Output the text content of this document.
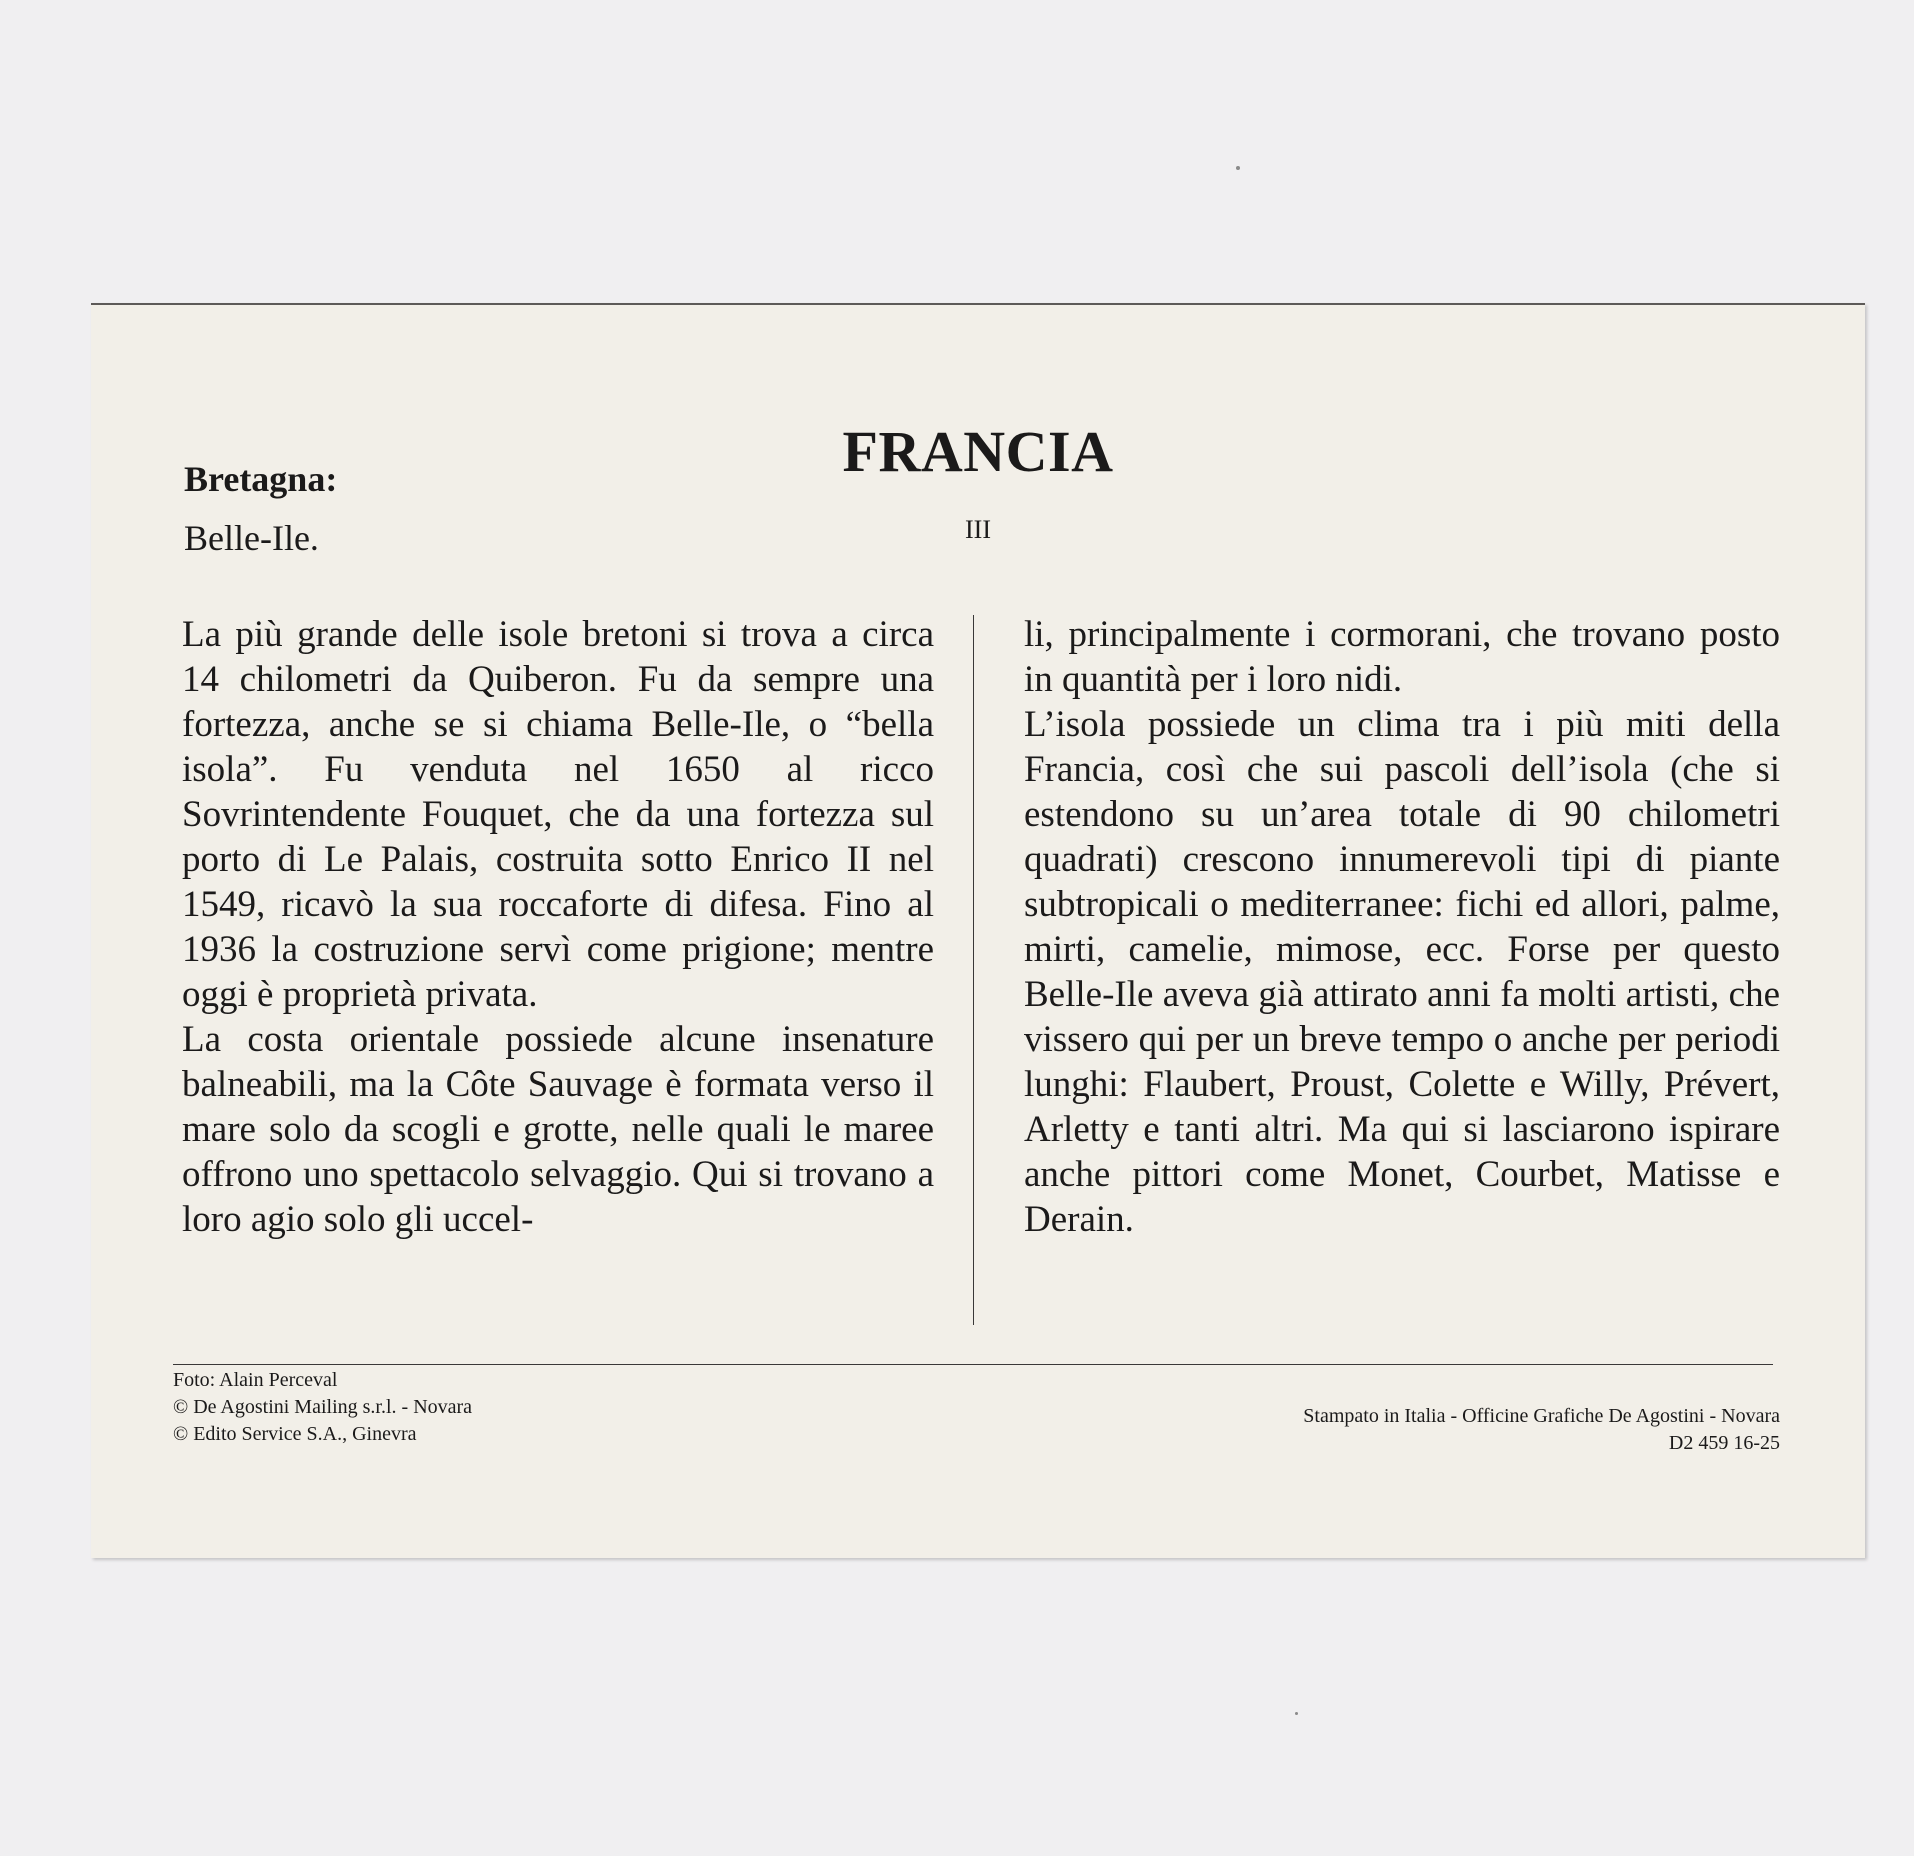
FRANCIA
III
Bretagna:
Belle-Ile.
La più grande delle isole bretoni si trova a circa 14 chilometri da Quiberon. Fu da sempre una fortezza, anche se si chiama Belle-Ile, o “bella isola”. Fu venduta nel 1650 al ricco Sovrintendente Fouquet, che da una fortezza sul porto di Le Palais, costruita sotto Enrico II nel 1549, ricavò la sua roccaforte di difesa. Fino al 1936 la costruzione servì come prigione; mentre oggi è proprietà privata.
La costa orientale possiede alcune insenature balneabili, ma la Côte Sauvage è formata verso il mare solo da scogli e grotte, nelle quali le maree offrono uno spettacolo selvaggio. Qui si trovano a loro agio solo gli uccel-
li, principalmente i cormorani, che trovano posto in quantità per i loro nidi.
L’isola possiede un clima tra i più miti della Francia, così che sui pascoli dell’isola (che si estendono su un’area totale di 90 chilometri quadrati) crescono innumerevoli tipi di piante subtropicali o mediterranee: fichi ed allori, palme, mirti, camelie, mimose, ecc. Forse per questo Belle-Ile aveva già attirato anni fa molti artisti, che vissero qui per un breve tempo o anche per periodi lunghi: Flaubert, Proust, Colette e Willy, Prévert, Arletty e tanti altri. Ma qui si lasciarono ispirare anche pittori come Monet, Courbet, Matisse e Derain.
Foto: Alain Perceval
© De Agostini Mailing s.r.l. - Novara
© Edito Service S.A., Ginevra
Stampato in Italia - Officine Grafiche De Agostini - Novara
D2 459 16-25
